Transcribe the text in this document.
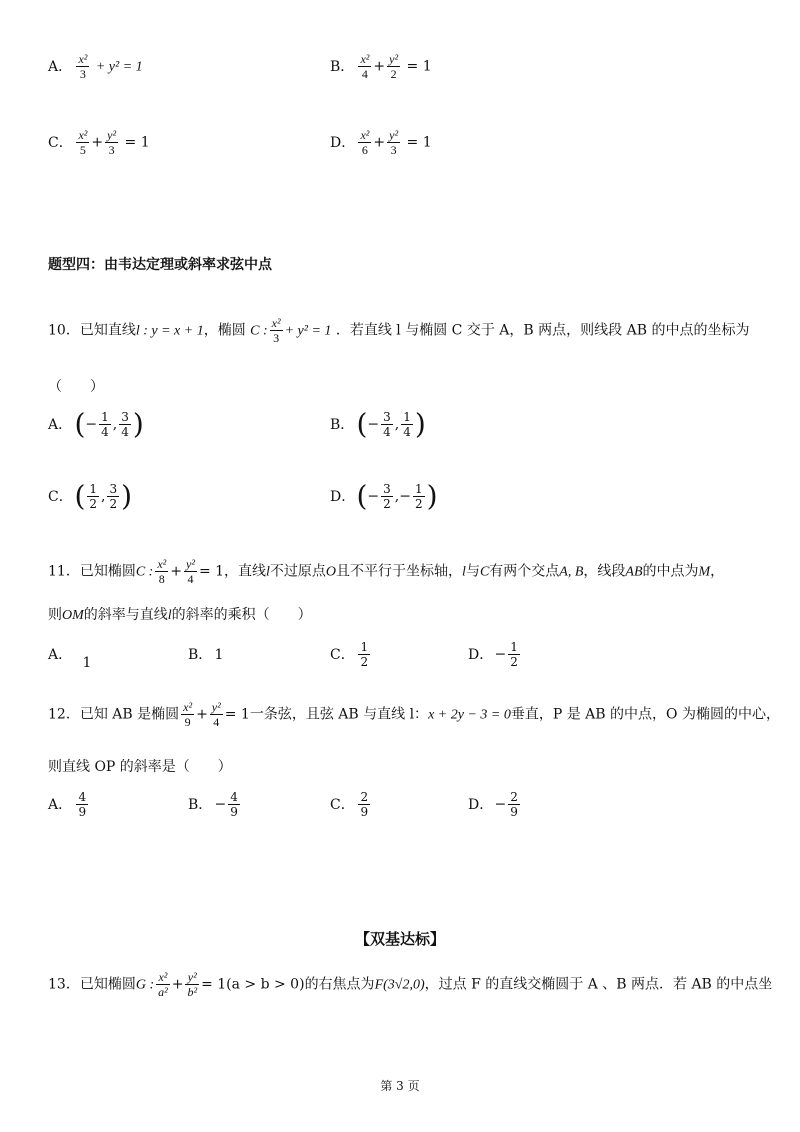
A． $\frac{\text{x²}}{3} + y^2 = 1$	B． $\frac{\text{x²}}{4} + \frac{\text{y²}}{2} = 1$
C． $\frac{\text{x²}}{5} + \frac{\text{y²}}{3} = 1$	D． $\frac{\text{x²}}{6} + \frac{\text{y²}}{3} = 1$
题型四：由韦达定理或斜率求弦中点
10．已知直线l : y = x + 1，椭圆 C : $\frac{\text{x²}}{3} + y^2 = 1$ ．若直线 l 与椭圆 C 交于 A，B 两点，则线段 AB 的中点的坐标为
（　　）
A． (− $\frac{1}{4}$ , $\frac{3}{4}$ )	B． (− $\frac{3}{4}$ , $\frac{1}{4}$ )
C． ( $\frac{1}{2}$ , $\frac{3}{2}$ )	D． (− $\frac{3}{2}$ ,− $\frac{1}{2}$ )
11．已知椭圆C : $\frac{\text{x²}}{8} + \frac{\text{y²}}{4} = 1$，直线l不过原点O且不平行于坐标轴，l与C有两个交点A, B，线段AB的中点为M，
则OM的斜率与直线l的斜率的乘积（　　）
A． 1	B． 1	C． $\frac{1}{2}$	D． − $\frac{1}{2}$
12．已知 AB 是椭圆 $\frac{\text{x²}}{9} + \frac{\text{y²}}{4} = 1$一条弦，且弦 AB 与直线 l：x + 2y − 3 = 0垂直，P 是 AB 的中点，O 为椭圆的中心，
则直线 OP 的斜率是（　　）
A． $\frac{4}{9}$	B． − $\frac{4}{9}$	C． $\frac{2}{9}$	D． − $\frac{2}{9}$
【双基达标】
13．已知椭圆G : $\frac{\text{x²}}{\text{a²}} + \frac{\text{y²}}{\text{b²}} = 1(a > b > 0)$的右焦点为F(3√2,0)，过点 F 的直线交椭圆于 A 、B 两点．若 AB 的中点坐
第 3 页
